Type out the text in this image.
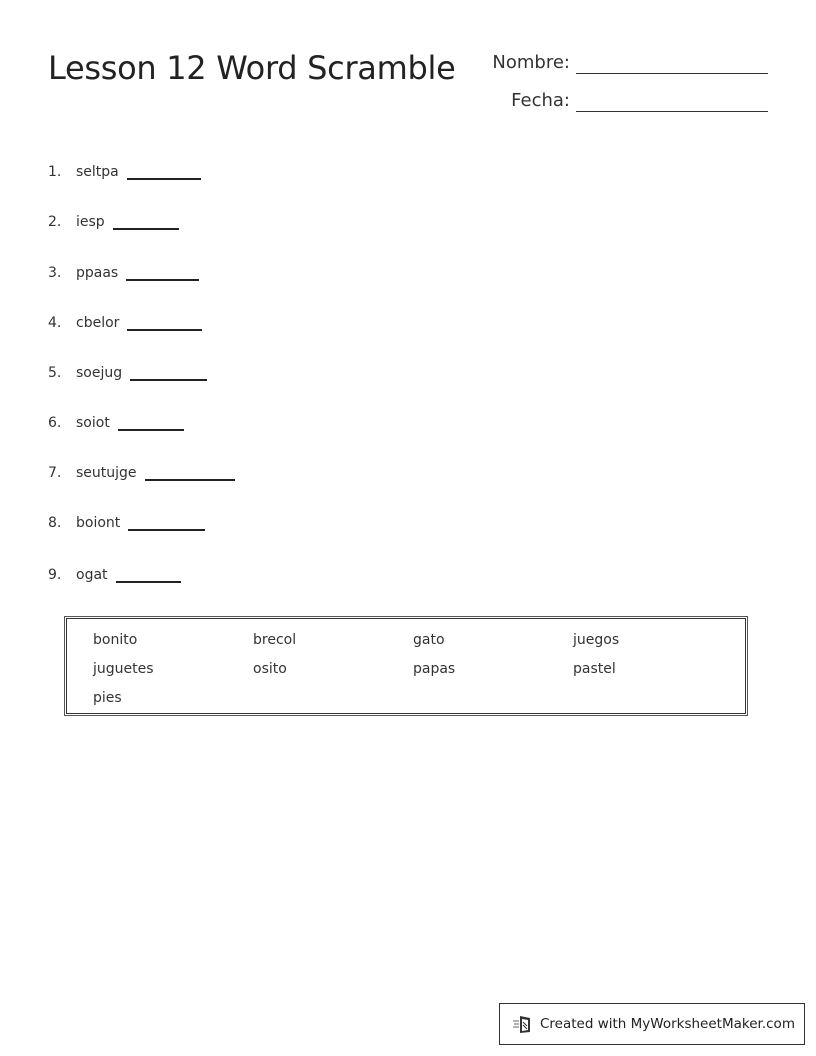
Lesson 12 Word Scramble	Nombre:
Fecha:
1.	seltpa
2.	iesp
3.	ppaas
4.	cbelor
5.	soejug
6.	soiot
7.	seutujge
8.	boiont
9.	ogat
bonito	brecol	gato	juegos
juguetes	osito	papas	pastel
pies
Created with MyWorksheetMaker.com
